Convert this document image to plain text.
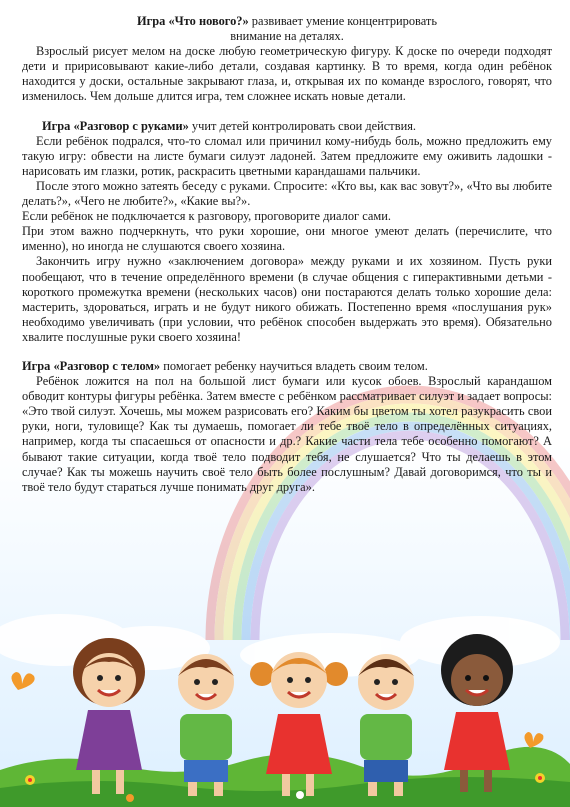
Игра «Что нового?» развивает умение концентрировать
внимание на деталях.

Взрослый рисует мелом на доске любую геометрическую фигуру. К доске по очереди подходят дети и пририсовывают какие-либо детали, создавая картинку. В то время, когда один ребёнок находится у доски, остальные закрывают глаза, и, открывая их по команде взрослого, говорят, что изменилось. Чем дольше длится игра, тем сложнее искать новые детали.

Игра «Разговор с руками» учит детей контролировать свои действия.

Если ребёнок подрался, что-то сломал или причинил кому-нибудь боль, можно предложить ему такую игру: обвести на листе бумаги силуэт ладоней. Затем предложите ему оживить ладошки - нарисовать им глазки, ротик, раскрасить цветными карандашами пальчики.

После этого можно затеять беседу с руками. Спросите: «Кто вы, как вас зовут?», «Что вы любите делать?», «Чего не любите?», «Какие вы?».

Если ребёнок не подключается к разговору, проговорите диалог сами.

При этом важно подчеркнуть, что руки хорошие, они многое умеют делать (перечислите, что именно), но иногда не слушаются своего хозяина.

Закончить игру нужно «заключением договора» между руками и их хозяином. Пусть руки пообещают, что в течение определённого времени (в случае общения с гиперактивными детьми - короткого промежутка времени (нескольких часов) они постараются делать только хорошие дела: мастерить, здороваться, играть и не будут никого обижать. Постепенно время «послушания рук» необходимо увеличивать (при условии, что ребёнок способен выдержать это время). Обязательно хвалите послушные руки своего хозяина!

Игра «Разговор с телом» помогает ребенку научиться владеть своим телом.

Ребёнок ложится на пол на большой лист бумаги или кусок обоев. Взрослый карандашом обводит контуры фигуры ребёнка. Затем вместе с ребёнком рассматривает силуэт и задает вопросы: «Это твой силуэт. Хочешь, мы можем разрисовать его? Каким бы цветом ты хотел разукрасить свои руки, ноги, туловище? Как ты думаешь, помогает ли тебе твоё тело в определённых ситуациях, например, когда ты спасаешься от опасности и др.? Какие части тела тебе особенно помогают? А бывают такие ситуации, когда твоё тело подводит тебя, не слушается? Что ты делаешь в этом случае? Как ты можешь научить своё тело быть более послушным? Давай договоримся, что ты и твоё тело будут стараться лучше понимать друг друга».
